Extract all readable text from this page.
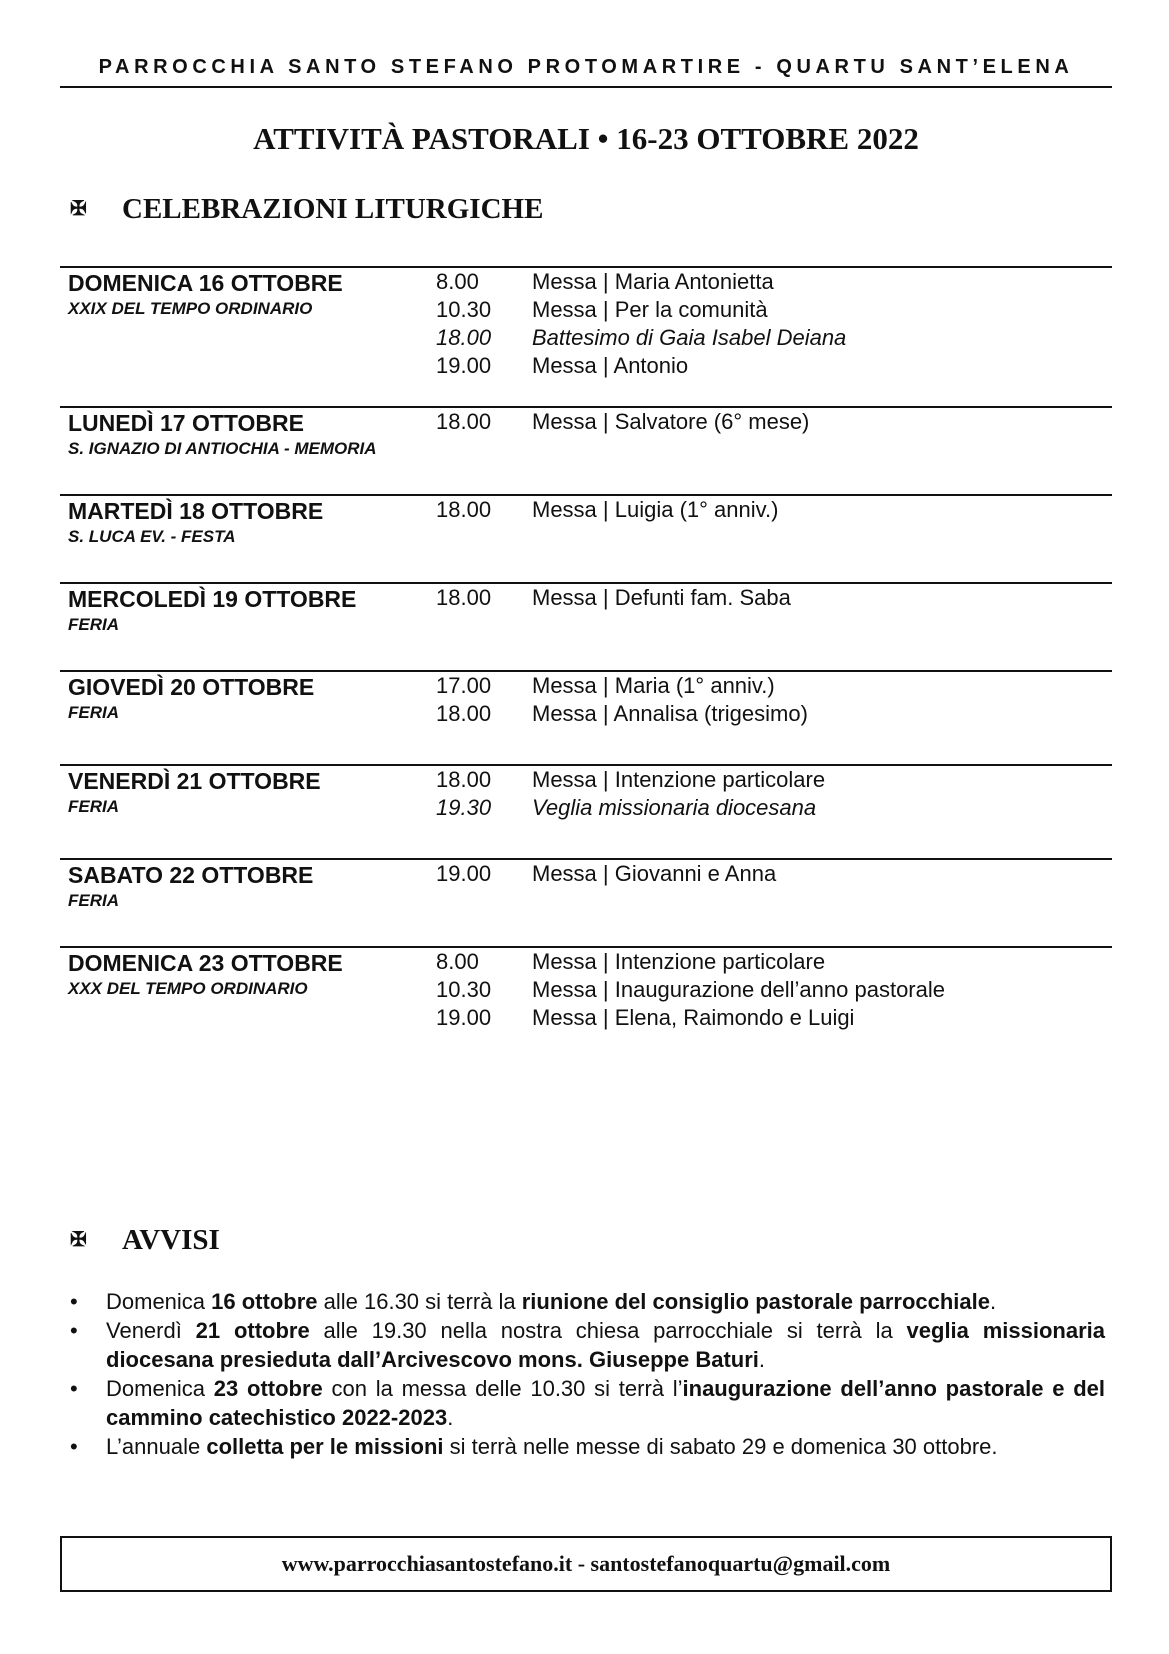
PARROCCHIA SANTO STEFANO PROTOMARTIRE - QUARTU SANT’ELENA
ATTIVITÀ PASTORALI • 16-23 OTTOBRE 2022
✠ CELEBRAZIONI LITURGICHE
DOMENICA 16 OTTOBRE
XXIX DEL TEMPO ORDINARIO
8.00	Messa | Maria Antonietta
10.30	Messa | Per la comunità
18.00	Battesimo di Gaia Isabel Deiana
19.00	Messa | Antonio
LUNEDÌ 17 OTTOBRE
S. IGNAZIO DI ANTIOCHIA - MEMORIA
18.00	Messa | Salvatore (6° mese)
MARTEDÌ 18 OTTOBRE
S. LUCA EV. - FESTA
18.00	Messa | Luigia (1° anniv.)
MERCOLEDÌ 19 OTTOBRE
FERIA
18.00	Messa | Defunti fam. Saba
GIOVEDÌ 20 OTTOBRE
FERIA
17.00	Messa | Maria (1° anniv.)
18.00	Messa | Annalisa (trigesimo)
VENERDÌ 21 OTTOBRE
FERIA
18.00	Messa | Intenzione particolare
19.30	Veglia missionaria diocesana
SABATO 22 OTTOBRE
FERIA
19.00	Messa | Giovanni e Anna
DOMENICA 23 OTTOBRE
XXX DEL TEMPO ORDINARIO
8.00	Messa | Intenzione particolare
10.30	Messa | Inaugurazione dell’anno pastorale
19.00	Messa | Elena, Raimondo e Luigi
✠ AVVISI
•	Domenica 16 ottobre alle 16.30 si terrà la riunione del consiglio pastorale parrocchiale.
•	Venerdì 21 ottobre alle 19.30 nella nostra chiesa parrocchiale si terrà la veglia missionaria diocesana presieduta dall’Arcivescovo mons. Giuseppe Baturi.
•	Domenica 23 ottobre con la messa delle 10.30 si terrà l’inaugurazione dell’anno pastorale e del cammino catechistico 2022-2023.
•	L’annuale colletta per le missioni si terrà nelle messe di sabato 29 e domenica 30 ottobre.
www.parrocchiasantostefano.it - santostefanoquartu@gmail.com
